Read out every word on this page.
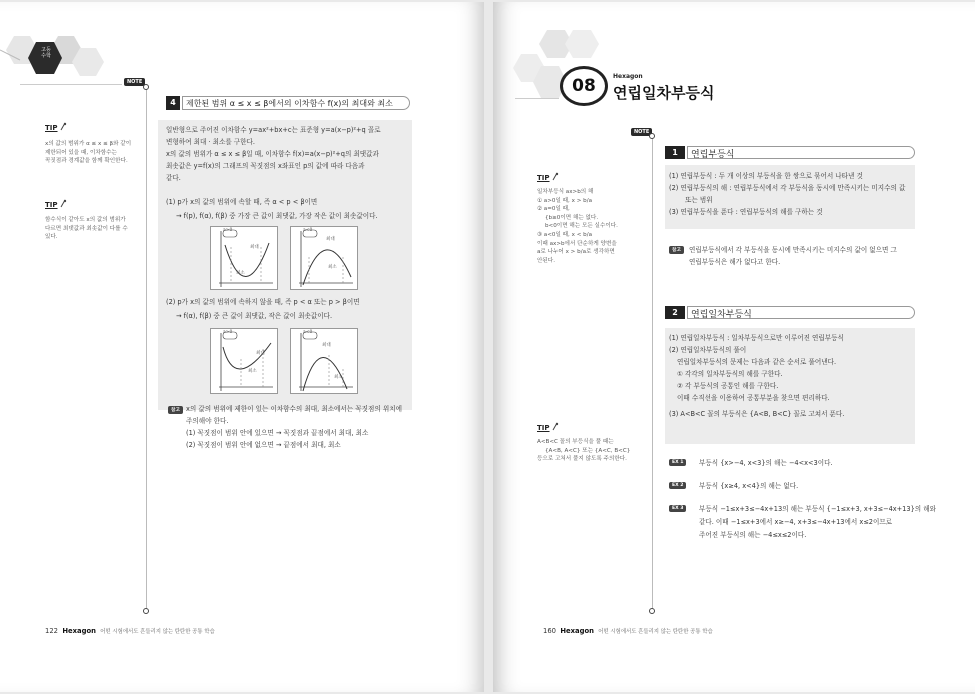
고등
수학
NOTE
4	제한된 범위 α ≤ x ≤ β에서의 이차함수 f(x)의 최대와 최소
일반형으로 주어진 이차함수 y=ax²+bx+c는 표준형 y=a(x−p)²+q 꼴로
변형하여 최대 · 최소를 구한다.
x의 값의 범위가 α ≤ x ≤ β일 때, 이차함수 f(x)=a(x−p)²+q의 최댓값과
최솟값은 y=f(x)의 그래프의 꼭짓점의 x좌표인 p의 값에 따라 다음과
같다.
(1) p가 x의 값의 범위에 속할 때, 즉 α < p < β이면
→ f(p), f(α), f(β) 중 가장 큰 값이 최댓값, 가장 작은 값이 최솟값이다.
a>0
최대
최소
a<0
최대
최소
(2) p가 x의 값의 범위에 속하지 않을 때, 즉 p < α 또는 p > β이면
→ f(α), f(β) 중 큰 값이 최댓값, 작은 값이 최솟값이다.
a>0
최대
최소
a<0
최대
최소
참고 x의 값의 범위에 제한이 있는 이차함수의 최대, 최소에서는 꼭짓점의 위치에
주의해야 한다.
(1) 꼭짓점이 범위 안에 있으면 → 꼭짓점과 끝점에서 최대, 최소
(2) 꼭짓점이 범위 안에 없으면 → 끝점에서 최대, 최소
TIP
x의 값의 범위가 α ≤ x ≤ β와 같이
제한되어 있을 때, 이차함수는
꼭짓점과 경계값을 함께 확인한다.
TIP
함수식이 같아도 x의 값의 범위가
다르면 최댓값과 최솟값이 다를 수
있다.
122 Hexagon 어떤 시험에서도 흔들리지 않는 탄탄한 공통 학습
08	Hexagon
연립일차부등식
NOTE
1	연립부등식
(1) 연립부등식 : 두 개 이상의 부등식을 한 쌍으로 묶어서 나타낸 것
(2) 연립부등식의 해 : 연립부등식에서 각 부등식을 동시에 만족시키는 미지수의 값
또는 범위
(3) 연립부등식을 푼다 : 연립부등식의 해를 구하는 것
참고	연립부등식에서 각 부등식을 동시에 만족시키는 미지수의 값이 없으면 그
연립부등식은 해가 없다고 한다.
2	연립일차부등식
(1) 연립일차부등식 : 일차부등식으로만 이루어진 연립부등식
(2) 연립일차부등식의 풀이
연립일차부등식의 문제는 다음과 같은 순서로 풀어낸다.
① 각각의 일차부등식의 해를 구한다.
② 각 부등식의 공통인 해를 구한다.
이때 수직선을 이용하여 공통부분을 찾으면 편리하다.
(3) A<B<C 꼴의 부등식은 {A<B, B<C} 꼴로 고쳐서 푼다.
EX 1	부등식 {x>−4, x<3}의 해는 −4<x<3이다.
EX 2	부등식 {x≥4, x<4}의 해는 없다.
EX 3	부등식 −1≤x+3≤−4x+13의 해는 부등식 {−1≤x+3, x+3≤−4x+13}의 해와
같다. 이때 −1≤x+3에서 x≥−4, x+3≤−4x+13에서 x≤2이므로
주어진 부등식의 해는 −4≤x≤2이다.
TIP
일차부등식 ax>b의 해
① a>0일 때, x > b/a
② a=0일 때,
{b≥0이면 해는 없다.
b<0이면 해는 모든 실수이다.
③ a<0일 때, x < b/a
이때 ax>b에서 단순하게 양변을
a로 나누어 x > b/a로 생각하면
안된다.
TIP
A<B<C 꼴의 부등식을 풀 때는
{A<B, A<C} 또는 {A<C, B<C}
등으로 고쳐서 풀지 않도록 주의한다.
160 Hexagon 어떤 시험에서도 흔들리지 않는 탄탄한 공통 학습
